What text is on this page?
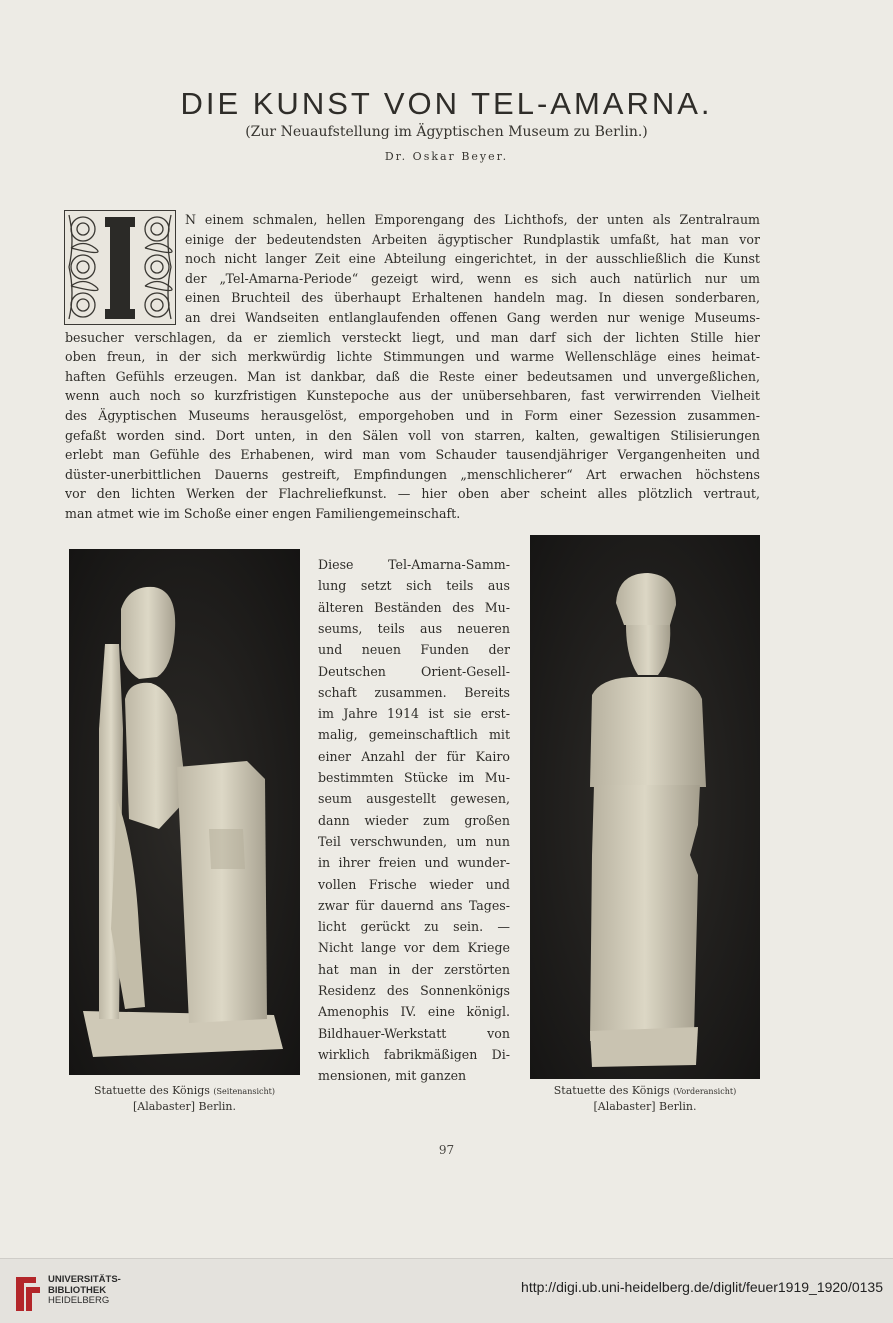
DIE KUNST VON TEL-AMARNA.
(Zur Neuaufstellung im Ägyptischen Museum zu Berlin.)
Dr. Oskar Beyer.
N einem schmalen, hellen Emporengang des Lichthofs, der unten als Zentralraum
einige der bedeutendsten Arbeiten ägyptischer Rundplastik umfaßt, hat man vor
noch nicht langer Zeit eine Abteilung eingerichtet, in der ausschließlich die Kunst
der „Tel-Amarna-Periode“ gezeigt wird, wenn es sich auch natürlich nur um
einen Bruchteil des überhaupt Erhaltenen handeln mag. In diesen sonderbaren,
an drei Wandseiten entlanglaufenden offenen Gang werden nur wenige Museums-
besucher verschlagen, da er ziemlich versteckt liegt, und man darf sich der lichten Stille hier
oben freun, in der sich merkwürdig lichte Stimmungen und warme Wellenschläge eines heimat-
haften Gefühls erzeugen. Man ist dankbar, daß die Reste einer bedeutsamen und unvergeßlichen,
wenn auch noch so kurzfristigen Kunstepoche aus der unübersehbaren, fast verwirrenden Vielheit
des Ägyptischen Museums herausgelöst, emporgehoben und in Form einer Sezession zusammen-
gefaßt worden sind. Dort unten, in den Sälen voll von starren, kalten, gewaltigen Stilisierungen
erlebt man Gefühle des Erhabenen, wird man vom Schauder tausendjähriger Vergangenheiten und
düster-unerbittlichen Dauerns gestreift, Empfindungen „menschlicherer“ Art erwachen höchstens
vor den lichten Werken der Flachreliefkunst. — hier oben aber scheint alles plötzlich vertraut,
man atmet wie im Schoße einer engen Familiengemeinschaft.
Diese Tel-Amarna-Samm-
lung setzt sich teils aus
älteren Beständen des Mu-
seums, teils aus neueren
und neuen Funden der
Deutschen Orient-Gesell-
schaft zusammen. Bereits
im Jahre 1914 ist sie erst-
malig, gemeinschaftlich mit
einer Anzahl der für Kairo
bestimmten Stücke im Mu-
seum ausgestellt gewesen,
dann wieder zum großen
Teil verschwunden, um nun
in ihrer freien und wunder-
vollen Frische wieder und
zwar für dauernd ans Tages-
licht gerückt zu sein. —
Nicht lange vor dem Kriege
hat man in der zerstörten
Residenz des Sonnenkönigs
Amenophis IV. eine königl.
Bildhauer-Werkstatt von
wirklich fabrikmäßigen Di-
mensionen, mit ganzen
Statuette des Königs (Seitenansicht)
[Alabaster] Berlin.
Statuette des Königs (Vorderansicht)
[Alabaster] Berlin.
97
UNIVERSITÄTS-
BIBLIOTHEK
HEIDELBERG
http://digi.ub.uni-heidelberg.de/diglit/feuer1919_1920/0135
